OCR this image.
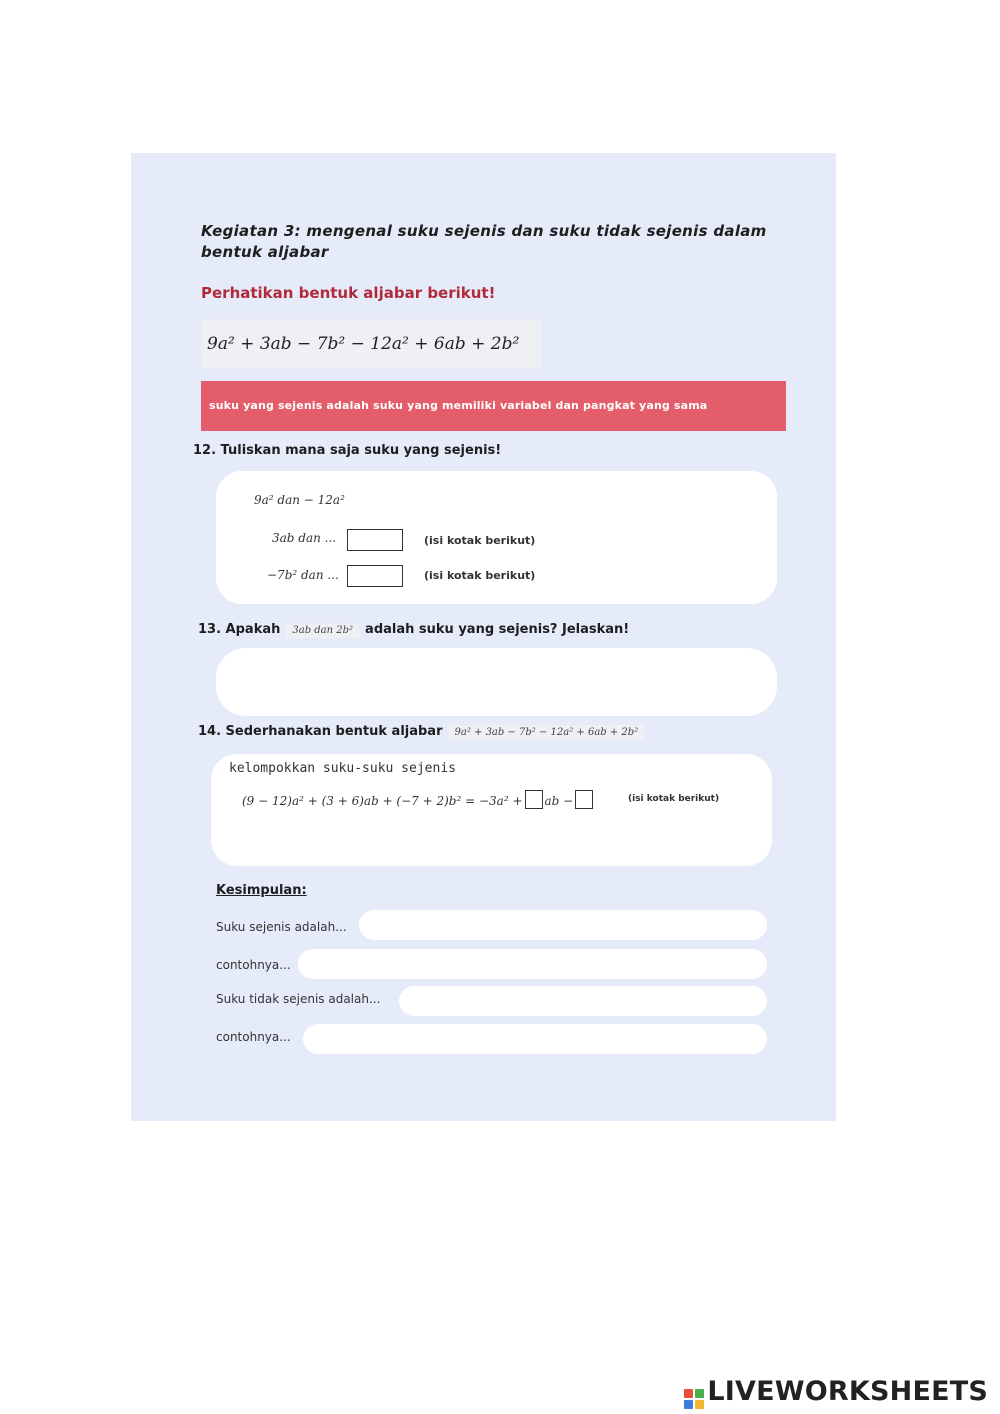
Kegiatan 3: mengenal suku sejenis dan suku tidak sejenis dalam bentuk aljabar
Perhatikan bentuk aljabar berikut!
9a² + 3ab − 7b² − 12a² + 6ab + 2b²
suku yang sejenis adalah suku yang memiliki variabel dan pangkat yang sama
12. Tuliskan mana saja suku yang sejenis!
9a² dan − 12a²
3ab dan ...	(isi kotak berikut)
−7b² dan ...	(isi kotak berikut)
13. Apakah 3ab dan 2b² adalah suku yang sejenis? Jelaskan!
14. Sederhanakan bentuk aljabar 9a² + 3ab − 7b² − 12a² + 6ab + 2b²
kelompokkan suku-suku sejenis
(9 − 12)a² + (3 + 6)ab + (−7 + 2)b² = −3a² + ab −	(isi kotak berikut)
Kesimpulan:
Suku sejenis adalah...
contohnya...
Suku tidak sejenis adalah...
contohnya...
LIVEWORKSHEETS
